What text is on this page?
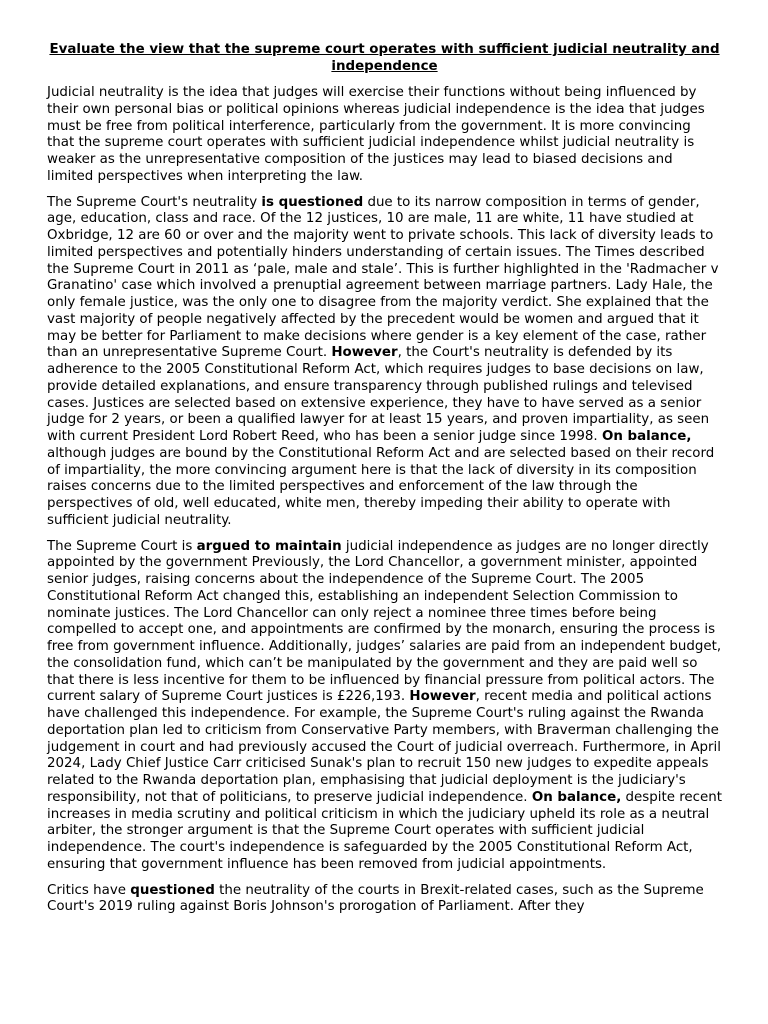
Evaluate the view that the supreme court operates with sufficient judicial neutrality and independence

Judicial neutrality is the idea that judges will exercise their functions without being influenced by their own personal bias or political opinions whereas judicial independence is the idea that judges must be free from political interference, particularly from the government. It is more convincing that the supreme court operates with sufficient judicial independence whilst judicial neutrality is weaker as the unrepresentative composition of the justices may lead to biased decisions and limited perspectives when interpreting the law.

The Supreme Court's neutrality is questioned due to its narrow composition in terms of gender, age, education, class and race. Of the 12 justices, 10 are male, 11 are white, 11 have studied at Oxbridge, 12 are 60 or over and the majority went to private schools. This lack of diversity leads to limited perspectives and potentially hinders understanding of certain issues. The Times described the Supreme Court in 2011 as ‘pale, male and stale’. This is further highlighted in the 'Radmacher v Granatino' case which involved a prenuptial agreement between marriage partners. Lady Hale, the only female justice, was the only one to disagree from the majority verdict. She explained that the vast majority of people negatively affected by the precedent would be women and argued that it may be better for Parliament to make decisions where gender is a key element of the case, rather than an unrepresentative Supreme Court. However, the Court's neutrality is defended by its adherence to the 2005 Constitutional Reform Act, which requires judges to base decisions on law, provide detailed explanations, and ensure transparency through published rulings and televised cases. Justices are selected based on extensive experience, they have to have served as a senior judge for 2 years, or been a qualified lawyer for at least 15 years, and proven impartiality, as seen with current President Lord Robert Reed, who has been a senior judge since 1998. On balance, although judges are bound by the Constitutional Reform Act and are selected based on their record of impartiality, the more convincing argument here is that the lack of diversity in its composition raises concerns due to the limited perspectives and enforcement of the law through the perspectives of old, well educated, white men, thereby impeding their ability to operate with sufficient judicial neutrality.

The Supreme Court is argued to maintain judicial independence as judges are no longer directly appointed by the government Previously, the Lord Chancellor, a government minister, appointed senior judges, raising concerns about the independence of the Supreme Court. The 2005 Constitutional Reform Act changed this, establishing an independent Selection Commission to nominate justices. The Lord Chancellor can only reject a nominee three times before being compelled to accept one, and appointments are confirmed by the monarch, ensuring the process is free from government influence. Additionally, judges’ salaries are paid from an independent budget, the consolidation fund, which can’t be manipulated by the government and they are paid well so that there is less incentive for them to be influenced by financial pressure from political actors. The current salary of Supreme Court justices is £226,193. However, recent media and political actions have challenged this independence. For example, the Supreme Court's ruling against the Rwanda deportation plan led to criticism from Conservative Party members, with Braverman challenging the judgement in court and had previously accused the Court of judicial overreach. Furthermore, in April 2024, Lady Chief Justice Carr criticised Sunak's plan to recruit 150 new judges to expedite appeals related to the Rwanda deportation plan, emphasising that judicial deployment is the judiciary's responsibility, not that of politicians, to preserve judicial independence. On balance, despite recent increases in media scrutiny and political criticism in which the judiciary upheld its role as a neutral arbiter, the stronger argument is that the Supreme Court operates with sufficient judicial independence. The court's independence is safeguarded by the 2005 Constitutional Reform Act, ensuring that government influence has been removed from judicial appointments.

Critics have questioned the neutrality of the courts in Brexit-related cases, such as the Supreme Court's 2019 ruling against Boris Johnson's prorogation of Parliament. After they
